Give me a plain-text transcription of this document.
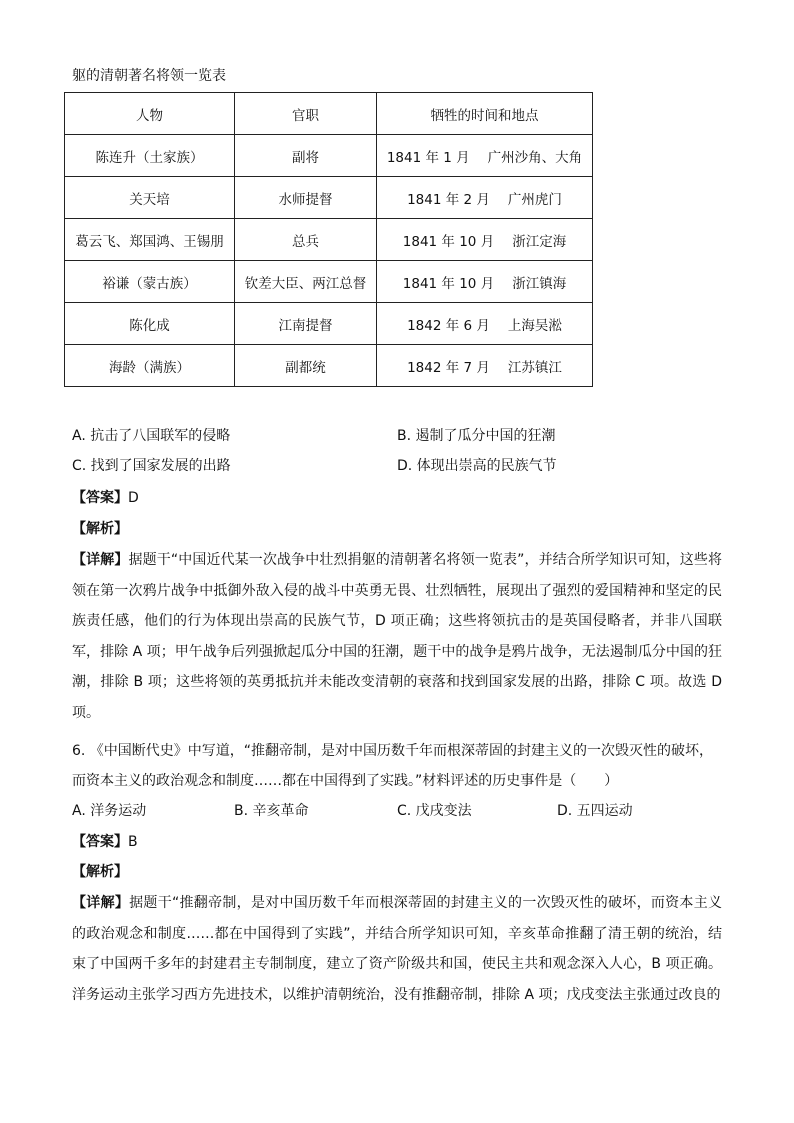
躯的清朝著名将领一览表
人物	官职	牺牲的时间和地点
陈连升（土家族）	副将	1841 年 1 月 广州沙角、大角
关天培	水师提督	1841 年 2 月 广州虎门
葛云飞、郑国鸿、王锡朋	总兵	1841 年 10 月 浙江定海
裕谦（蒙古族）	钦差大臣、两江总督	1841 年 10 月 浙江镇海
陈化成	江南提督	1842 年 6 月 上海吴淞
海龄（满族）	副都统	1842 年 7 月 江苏镇江
A. 抗击了八国联军的侵略	B. 遏制了瓜分中国的狂潮
C. 找到了国家发展的出路	D. 体现出崇高的民族气节
【答案】D
【解析】
【详解】据题干“中国近代某一次战争中壮烈捐躯的清朝著名将领一览表”，并结合所学知识可知，这些将领在第一次鸦片战争中抵御外敌入侵的战斗中英勇无畏、壮烈牺牲，展现出了强烈的爱国精神和坚定的民族责任感，他们的行为体现出崇高的民族气节，D 项正确；这些将领抗击的是英国侵略者，并非八国联军，排除 A 项；甲午战争后列强掀起瓜分中国的狂潮，题干中的战争是鸦片战争，无法遏制瓜分中国的狂潮，排除 B 项；这些将领的英勇抵抗并未能改变清朝的衰落和找到国家发展的出路，排除 C 项。故选 D 项。
6. 《中国断代史》中写道，“推翻帝制，是对中国历数千年而根深蒂固的封建主义的一次毁灭性的破坏，
而资本主义的政治观念和制度……都在中国得到了实践。”材料评述的历史事件是（　　）
A. 洋务运动	B. 辛亥革命	C. 戊戌变法	D. 五四运动
【答案】B
【解析】
【详解】据题干“推翻帝制，是对中国历数千年而根深蒂固的封建主义的一次毁灭性的破坏，而资本主义的政治观念和制度……都在中国得到了实践”，并结合所学知识可知，辛亥革命推翻了清王朝的统治，结束了中国两千多年的封建君主专制制度，建立了资产阶级共和国，使民主共和观念深入人心，B 项正确。洋务运动主张学习西方先进技术，以维护清朝统治，没有推翻帝制，排除 A 项；戊戌变法主张通过改良的
